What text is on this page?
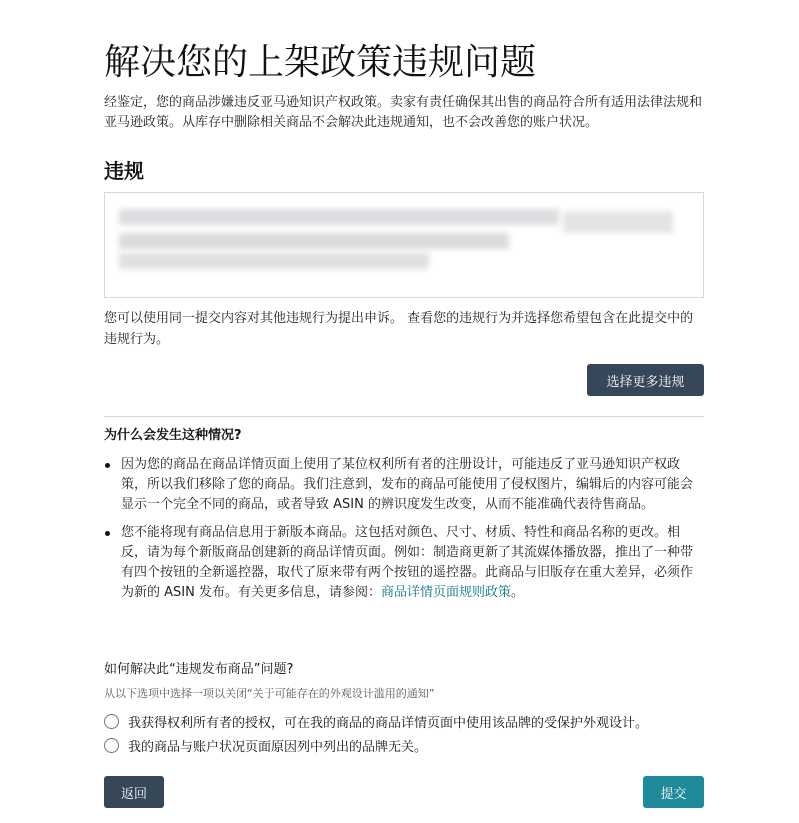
解决您的上架政策违规问题

经鉴定，您的商品涉嫌违反亚马逊知识产权政策。卖家有责任确保其出售的商品符合所有适用法律法规和亚马逊政策。从库存中删除相关商品不会解决此违规通知，也不会改善您的账户状况。

违规

您可以使用同一提交内容对其他违规行为提出申诉。 查看您的违规行为并选择您希望包含在此提交中的违规行为。

选择更多违规
为什么会发生这种情况?
因为您的商品在商品详情页面上使用了某位权利所有者的注册设计，可能违反了亚马逊知识产权政策，所以我们移除了您的商品。我们注意到，发布的商品可能使用了侵权图片，编辑后的内容可能会显示一个完全不同的商品，或者导致 ASIN 的辨识度发生改变，从而不能准确代表待售商品。
您不能将现有商品信息用于新版本商品。这包括对颜色、尺寸、材质、特性和商品名称的更改。相反，请为每个新版商品创建新的商品详情页面。例如：制造商更新了其流媒体播放器，推出了一种带有四个按钮的全新遥控器，取代了原来带有两个按钮的遥控器。此商品与旧版存在重大差异，必须作为新的 ASIN 发布。有关更多信息，请参阅：商品详情页面规则政策。
如何解决此“违规发布商品”问题?
从以下选项中选择一项以关闭“关于可能存在的外观设计滥用的通知”
我获得权利所有者的授权，可在我的商品的商品详情页面中使用该品牌的受保护外观设计。
我的商品与账户状况页面原因列中列出的品牌无关。
返回	提交
